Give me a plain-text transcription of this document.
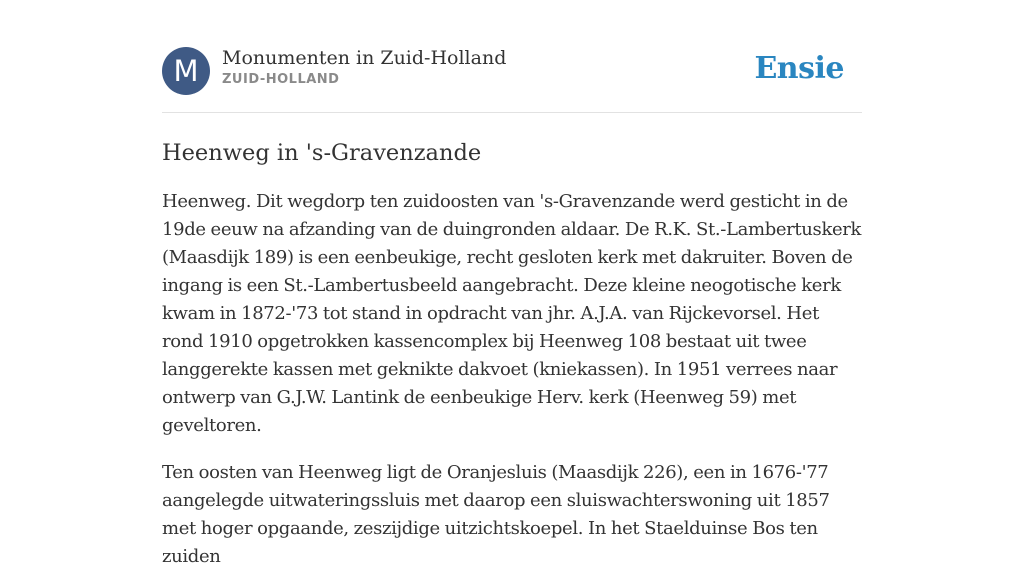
M	Monumenten in Zuid-Holland
ZUID-HOLLAND	Ensie
Heenweg in 's-Gravenzande

Heenweg. Dit wegdorp ten zuidoosten van 's-Gravenzande werd gesticht in de 19de eeuw na afzanding van de duingronden aldaar. De R.K. St.-Lambertuskerk (Maasdijk 189) is een eenbeukige, recht gesloten kerk met dakruiter. Boven de ingang is een St.-Lambertusbeeld aangebracht. Deze kleine neogotische kerk kwam in 1872-'73 tot stand in opdracht van jhr. A.J.A. van Rijckevorsel. Het rond 1910 opgetrokken kassencomplex bij Heenweg 108 bestaat uit twee langgerekte kassen met geknikte dakvoet (kniekassen). In 1951 verrees naar ontwerp van G.J.W. Lantink de eenbeukige Herv. kerk (Heenweg 59) met geveltoren.

Ten oosten van Heenweg ligt de Oranjesluis (Maasdijk 226), een in 1676-'77 aangelegde uitwateringssluis met daarop een sluiswachterswoning uit 1857 met hoger opgaande, zeszijdige uitzichtskoepel. In het Staelduinse Bos ten zuiden
